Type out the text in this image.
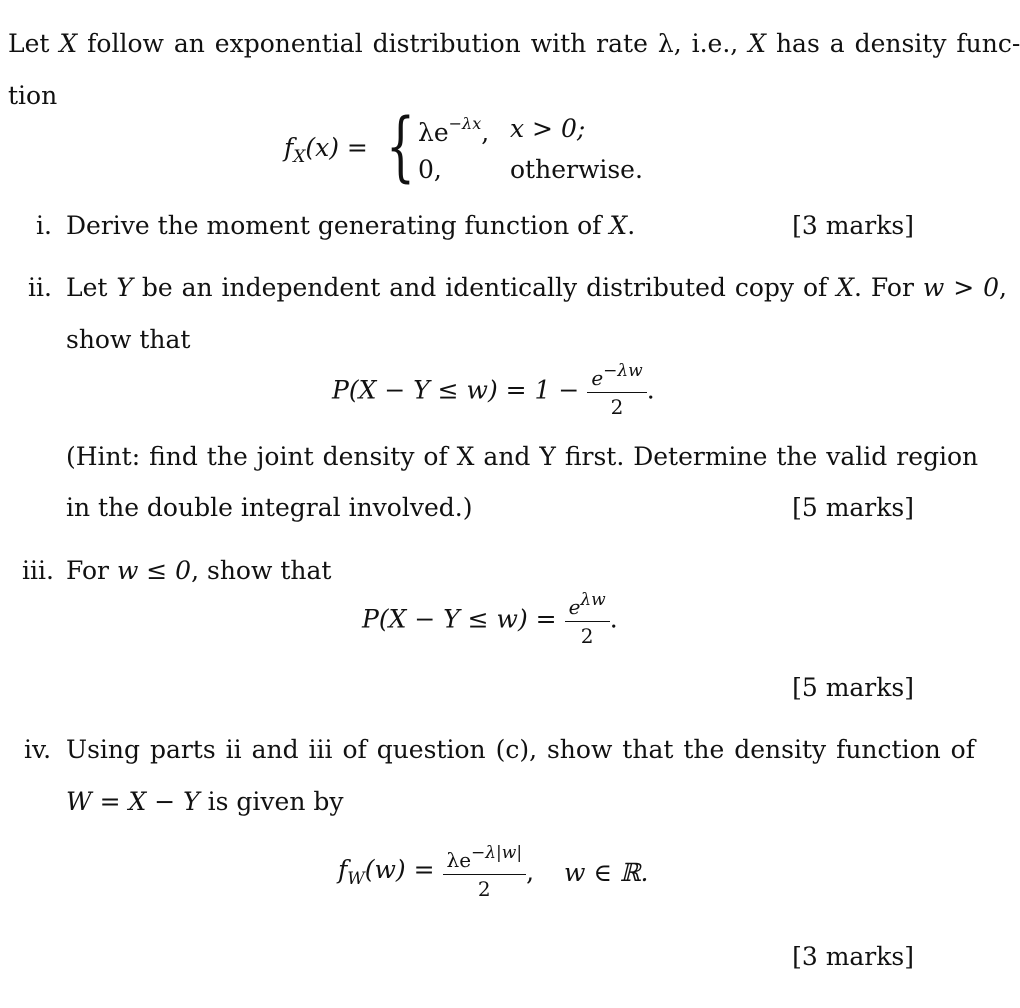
Let X follow an exponential distribution with rate λ, i.e., X has a density func-
tion
$f_X(x)$ = { $\lambda e^{-\lambda x}$, x > 0;
0,	otherwise.
i. Derive the moment generating function of X.	[3 marks]
ii. Let Y be an independent and identically distributed copy of X. For w > 0,
show that
$P(X - Y \le w) = 1 - \frac{e^{-\lambda w}}{2}$ .
(Hint: find the joint density of X and Y first. Determine the valid region
in the double integral involved.)	[5 marks]
iii. For w ≤ 0, show that
$P(X - Y \le w) = \frac{e^{\lambda w}}{2}$ .
[5 marks]
iv. Using parts ii and iii of question (c), show that the density function of
W = X − Y is given by
$f_W(w) = \frac{\lambda e^{-\lambda|w|}}{2}$ , w ∈ ℝ.
[3 marks]
